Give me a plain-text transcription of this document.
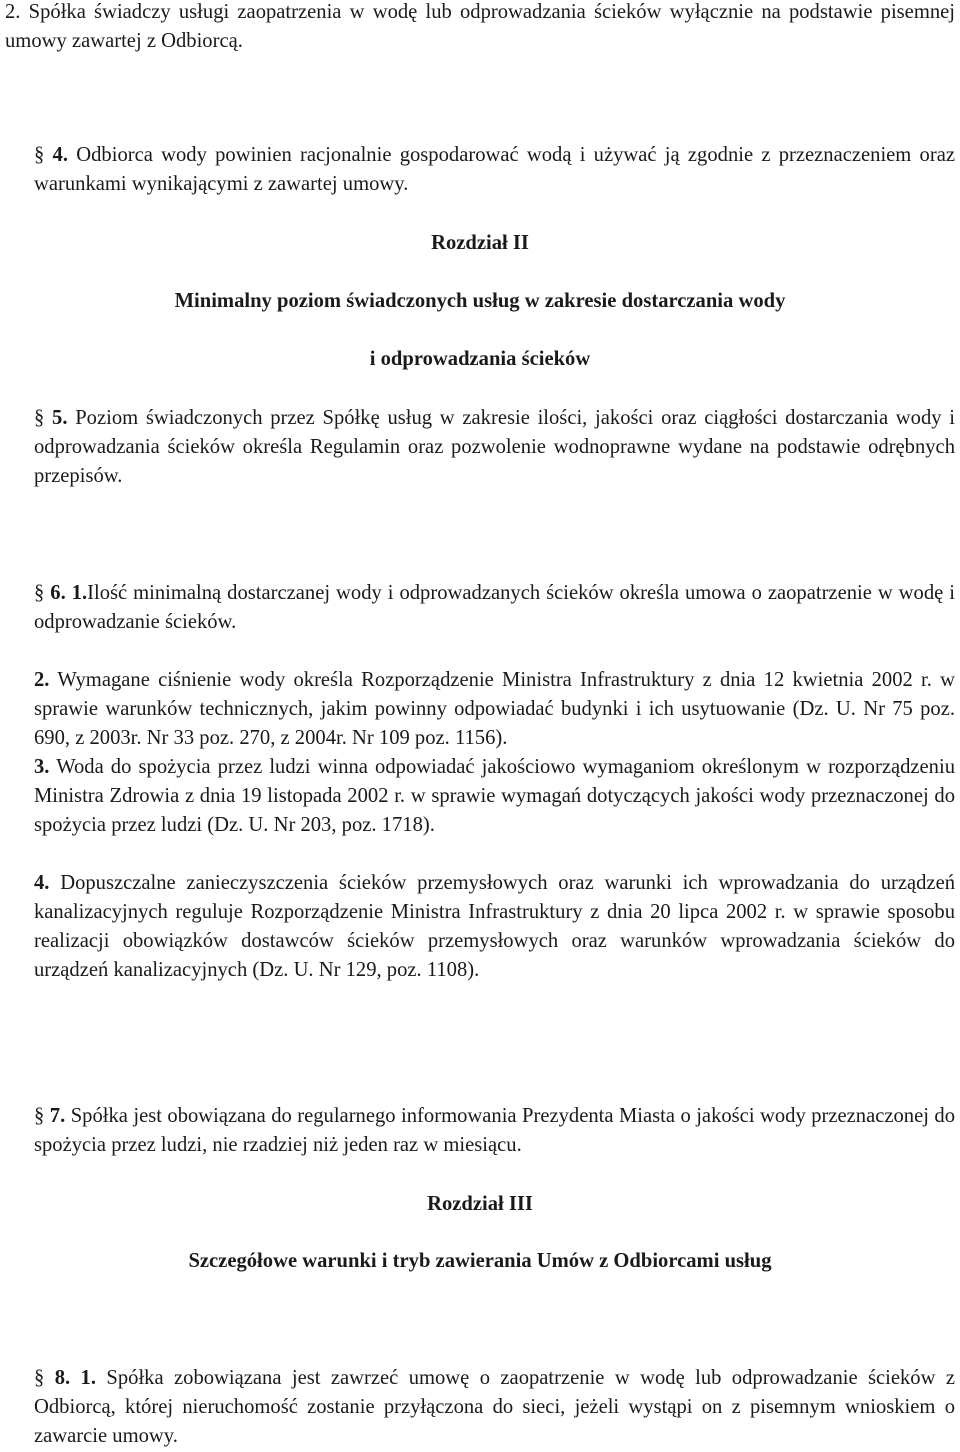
2. Spółka świadczy usługi zaopatrzenia w wodę lub odprowadzania ścieków wyłącznie na podstawie pisemnej umowy zawartej z Odbiorcą.

§ 4. Odbiorca wody powinien racjonalnie gospodarować wodą i używać ją zgodnie z przeznaczeniem oraz warunkami wynikającymi z zawartej umowy.

Rozdział II

Minimalny poziom świadczonych usług w zakresie dostarczania wody

i odprowadzania ścieków

§ 5. Poziom świadczonych przez Spółkę usług w zakresie ilości, jakości oraz ciągłości dostarczania wody i odprowadzania ścieków określa Regulamin oraz pozwolenie wodnoprawne wydane na podstawie odrębnych przepisów.

§ 6. 1.Ilość minimalną dostarczanej wody i odprowadzanych ścieków określa umowa o zaopatrzenie w wodę i odprowadzanie ścieków.

2. Wymagane ciśnienie wody określa Rozporządzenie Ministra Infrastruktury z dnia 12 kwietnia 2002 r. w sprawie warunków technicznych, jakim powinny odpowiadać budynki i ich usytuowanie (Dz. U. Nr 75 poz. 690, z 2003r. Nr 33 poz. 270, z 2004r. Nr 109 poz. 1156).

3. Woda do spożycia przez ludzi winna odpowiadać jakościowo wymaganiom określonym w rozporządzeniu Ministra Zdrowia z dnia 19 listopada 2002 r. w sprawie wymagań dotyczących jakości wody przeznaczonej do spożycia przez ludzi (Dz. U. Nr 203, poz. 1718).

4. Dopuszczalne zanieczyszczenia ścieków przemysłowych oraz warunki ich wprowadzania do urządzeń kanalizacyjnych reguluje Rozporządzenie Ministra Infrastruktury z dnia 20 lipca 2002 r. w sprawie sposobu realizacji obowiązków dostawców ścieków przemysłowych oraz warunków wprowadzania ścieków do urządzeń kanalizacyjnych (Dz. U. Nr 129, poz. 1108).

§ 7. Spółka jest obowiązana do regularnego informowania Prezydenta Miasta o jakości wody przeznaczonej do spożycia przez ludzi, nie rzadziej niż jeden raz w miesiącu.

Rozdział III

Szczegółowe warunki i tryb zawierania Umów z Odbiorcami usług

§ 8. 1. Spółka zobowiązana jest zawrzeć umowę o zaopatrzenie w wodę lub odprowadzanie ścieków z Odbiorcą, której nieruchomość zostanie przyłączona do sieci, jeżeli wystąpi on z pisemnym wnioskiem o zawarcie umowy.
